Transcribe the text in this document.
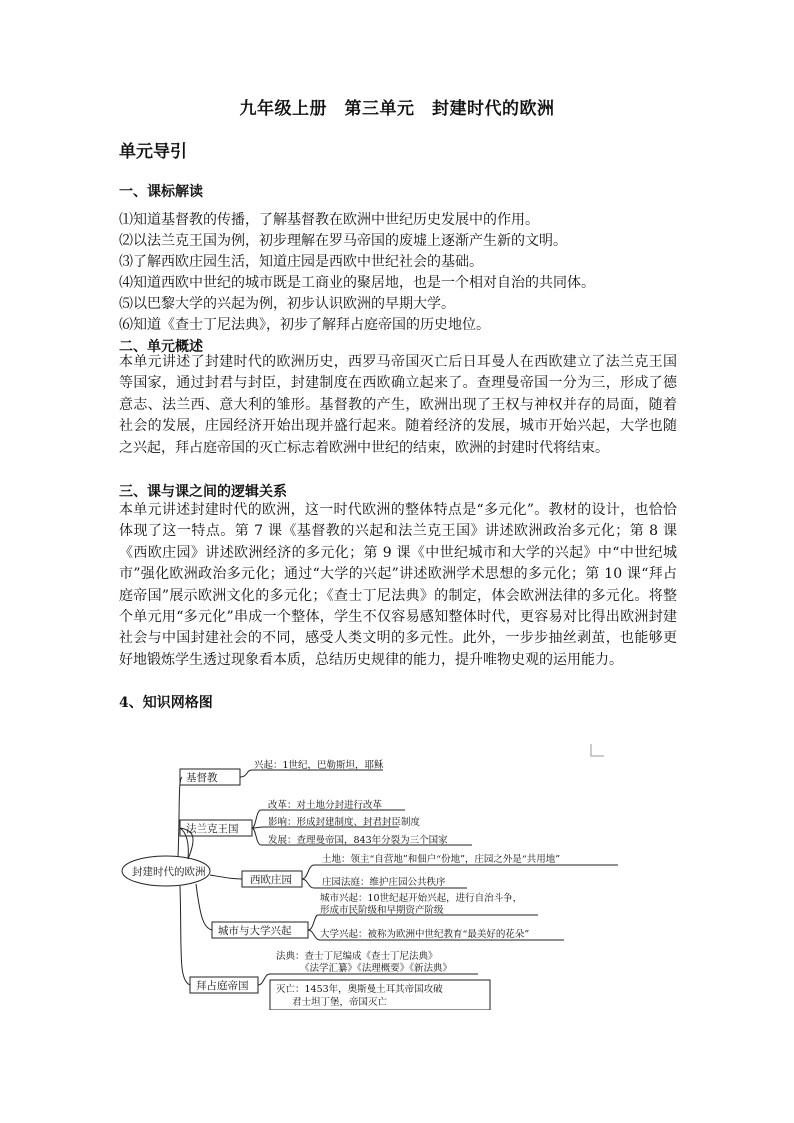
九年级上册　第三单元　封建时代的欧洲
单元导引
一、课标解读
⑴知道基督教的传播，了解基督教在欧洲中世纪历史发展中的作用。
⑵以法兰克王国为例，初步理解在罗马帝国的废墟上逐渐产生新的文明。
⑶了解西欧庄园生活，知道庄园是西欧中世纪社会的基础。
⑷知道西欧中世纪的城市既是工商业的聚居地，也是一个相对自治的共同体。
⑸以巴黎大学的兴起为例，初步认识欧洲的早期大学。
⑹知道《查士丁尼法典》，初步了解拜占庭帝国的历史地位。
二、单元概述

本单元讲述了封建时代的欧洲历史，西罗马帝国灭亡后日耳曼人在西欧建立了法兰克王国等国家，通过封君与封臣，封建制度在西欧确立起来了。查理曼帝国一分为三，形成了德意志、法兰西、意大利的雏形。基督教的产生，欧洲出现了王权与神权并存的局面，随着社会的发展，庄园经济开始出现并盛行起来。随着经济的发展，城市开始兴起，大学也随之兴起，拜占庭帝国的灭亡标志着欧洲中世纪的结束，欧洲的封建时代将结束。

三、课与课之间的逻辑关系

本单元讲述封建时代的欧洲，这一时代欧洲的整体特点是“多元化”。教材的设计，也恰恰体现了这一特点。第 7 课《基督教的兴起和法兰克王国》讲述欧洲政治多元化；第 8 课《西欧庄园》讲述欧洲经济的多元化；第 9 课《中世纪城市和大学的兴起》中“中世纪城市”强化欧洲政治多元化；通过“大学的兴起”讲述欧洲学术思想的多元化；第 10 课“拜占庭帝国”展示欧洲文化的多元化；《查士丁尼法典》的制定，体会欧洲法律的多元化。将整个单元用“多元化”串成一个整体，学生不仅容易感知整体时代，更容易对比得出欧洲封建社会与中国封建社会的不同，感受人类文明的多元性。此外，一步步抽丝剥茧，也能够更好地锻炼学生透过现象看本质，总结历史规律的能力，提升唯物史观的运用能力。

4、知识网格图
基督教
兴起：1世纪，巴勒斯坦，耶稣
法兰克王国
改革：对土地分封进行改革
影响：形成封建制度、封君封臣制度
发展：查理曼帝国，843年分裂为三个国家
封建时代的欧洲
西欧庄园
土地：领主“自营地”和佃户“份地”，庄园之外是“共用地”
庄园法庭：维护庄园公共秩序
城市与大学兴起
城市兴起：10世纪起开始兴起，进行自治斗争，
形成市民阶级和早期资产阶级
大学兴起：被称为欧洲中世纪教育“最美好的花朵”
拜占庭帝国
法典：查士丁尼编成《查士丁尼法典》
《法学汇纂》《法理概要》《新法典》
灭亡：1453年，奥斯曼土耳其帝国攻破
君士坦丁堡，帝国灭亡
